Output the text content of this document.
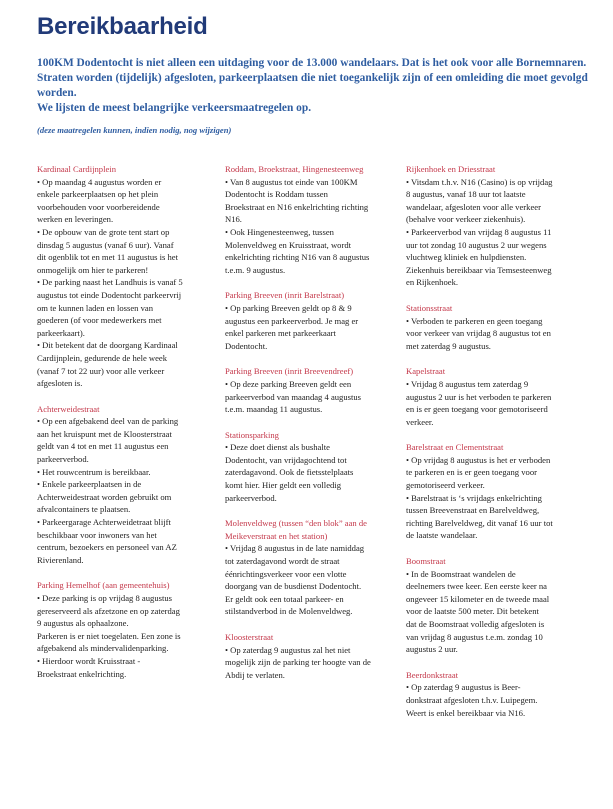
Bereikbaarheid

100KM Dodentocht is niet alleen een uitdaging voor de 13.000 wandelaars. Dat is het ook voor alle Bornemnaren. Straten worden (tijdelijk) afgesloten, parkeerplaatsen die niet toegankelijk zijn of een omleiding die moet gevolgd worden.

We lijsten de meest belangrijke verkeersmaatregelen op.

(deze maatregelen kunnen, indien nodig, nog wijzigen)
Kardinaal Cardijnplein
• Op maandag 4 augustus worden er
enkele parkeerplaatsen op het plein
voorbehouden voor voorbereidende
werken en leveringen.
• De opbouw van de grote tent start op
dinsdag 5 augustus (vanaf 6 uur). Vanaf
dit ogenblik tot en met 11 augustus is het
onmogelijk om hier te parkeren!
• De parking naast het Landhuis is vanaf 5
augustus tot einde Dodentocht parkeervrij
om te kunnen laden en lossen van
goederen (of voor medewerkers met
parkeerkaart).
• Dit betekent dat de doorgang Kardinaal
Cardijnplein, gedurende de hele week
(vanaf 7 tot 22 uur) voor alle verkeer
afgesloten is.
Achterweidestraat
• Op een afgebakend deel van de parking
aan het kruispunt met de Kloosterstraat
geldt van 4 tot en met 11 augustus een
parkeerverbod.
• Het rouwcentrum is bereikbaar.
• Enkele parkeerplaatsen in de
Achterweidestraat worden gebruikt om
afvalcontainers te plaatsen.
• Parkeergarage Achterweidetraat blijft
beschikbaar voor inwoners van het
centrum, bezoekers en personeel van AZ
Rivierenland.
Parking Hemelhof (aan gemeentehuis)
• Deze parking is op vrijdag 8 augustus
gereserveerd als afzetzone en op zaterdag
9 augustus als ophaalzone.
Parkeren is er niet toegelaten. Een zone is
afgebakend als mindervalidenparking.
• Hierdoor wordt Kruisstraat -
Broekstraat enkelrichting.
Roddam, Broekstraat, Hingenesteenweg
• Van 8 augustus tot einde van 100KM
Dodentocht is Roddam tussen
Broekstraat en N16 enkelrichting richting
N16.
• Ook Hingenesteenweg, tussen
Molenveldweg en Kruisstraat, wordt
enkelrichting richting N16 van 8 augustus
t.e.m. 9 augustus.
Parking Breeven (inrit Barelstraat)
• Op parking Breeven geldt op 8 & 9
augustus een parkeerverbod. Je mag er
enkel parkeren met parkeerkaart
Dodentocht.
Parking Breeven (inrit Breevendreef)
• Op deze parking Breeven geldt een
parkeerverbod van maandag 4 augustus
t.e.m. maandag 11 augustus.
Stationsparking
• Deze doet dienst als bushalte
Dodentocht, van vrijdagochtend tot
zaterdagavond. Ook de fietsstelplaats
komt hier. Hier geldt een volledig
parkeerverbod.
Molenveldweg (tussen “den blok” aan de
Meikeverstraat en het station)
• Vrijdag 8 augustus in de late namiddag
tot zaterdagavond wordt de straat
éénrichtingsverkeer voor een vlotte
doorgang van de busdienst Dodentocht.
Er geldt ook een totaal parkeer- en
stilstandverbod in de Molenveldweg.
Kloosterstraat
• Op zaterdag 9 augustus zal het niet
mogelijk zijn de parking ter hoogte van de
Abdij te verlaten.
Rijkenhoek en Driesstraat
• Vitsdam t.h.v. N16 (Casino) is op vrijdag
8 augustus, vanaf 18 uur tot laatste
wandelaar, afgesloten voor alle verkeer
(behalve voor verkeer ziekenhuis).
• Parkeerverbod van vrijdag 8 augustus 11
uur tot zondag 10 augustus 2 uur wegens
vluchtweg kliniek en hulpdiensten.
Ziekenhuis bereikbaar via Temsesteenweg
en Rijkenhoek.
Stationsstraat
• Verboden te parkeren en geen toegang
voor verkeer van vrijdag 8 augustus tot en
met zaterdag 9 augustus.
Kapelstraat
• Vrijdag 8 augustus tem zaterdag 9
augustus 2 uur is het verboden te parkeren
en is er geen toegang voor gemotoriseerd
verkeer.
Barelstraat en Clementstraat
• Op vrijdag 8 augustus is het er verboden
te parkeren en is er geen toegang voor
gemotoriseerd verkeer.
• Barelstraat is ‘s vrijdags enkelrichting
tussen Breevenstraat en Barelveldweg,
richting Barelveldweg, dit vanaf 16 uur tot
de laatste wandelaar.
Boomstraat
• In de Boomstraat wandelen de
deelnemers twee keer. Een eerste keer na
ongeveer 15 kilometer en de tweede maal
voor de laatste 500 meter. Dit betekent
dat de Boomstraat volledig afgesloten is
van vrijdag 8 augustus t.e.m. zondag 10
augustus 2 uur.
Beerdonkstraat
• Op zaterdag 9 augustus is Beer-
donkstraat afgesloten t.h.v. Luipegem.
Weert is enkel bereikbaar via N16.
